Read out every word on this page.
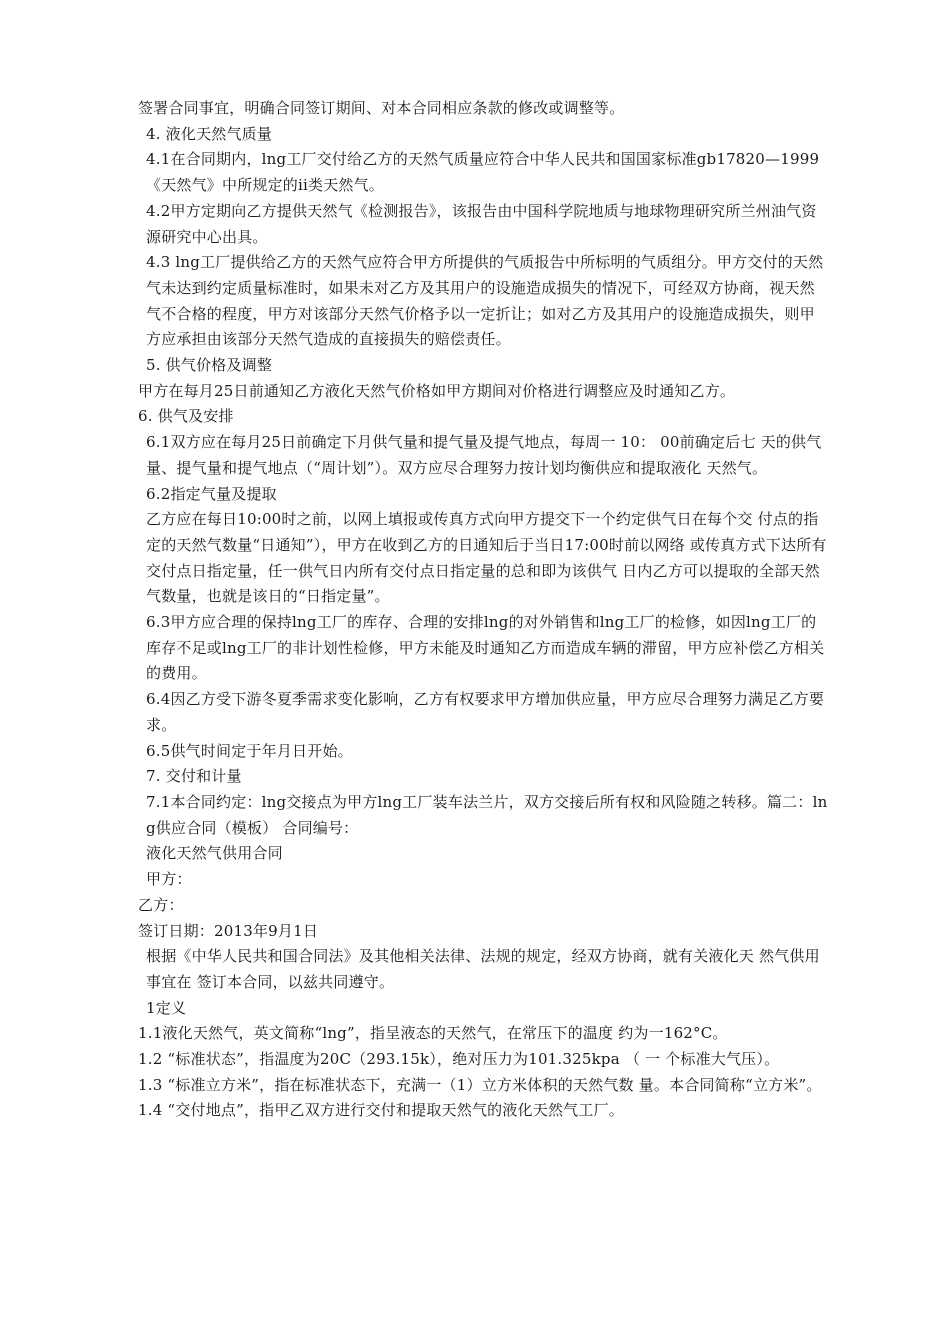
签署合同事宜，明确合同签订期间、对本合同相应条款的修改或调整等。

4. 液化天然气质量

4.1在合同期内，lng工厂交付给乙方的天然气质量应符合中华人民共和国国家标准gb17820—1999《天然气》中所规定的ii类天然气。

4.2甲方定期向乙方提供天然气《检测报告》，该报告由中国科学院地质与地球物理研究所兰州油气资源研究中心出具。

4.3 lng工厂提供给乙方的天然气应符合甲方所提供的气质报告中所标明的气质组分。甲方交付的天然气未达到约定质量标准时，如果未对乙方及其用户的设施造成损失的情况下，可经双方协商，视天然气不合格的程度，甲方对该部分天然气价格予以一定折让；如对乙方及其用户的设施造成损失，则甲方应承担由该部分天然气造成的直接损失的赔偿责任。

5. 供气价格及调整

甲方在每月25日前通知乙方液化天然气价格如甲方期间对价格进行调整应及时通知乙方。

6. 供气及安排

6.1双方应在每月25日前确定下月供气量和提气量及提气地点，每周一 10： 00前确定后七 天的供气量、提气量和提气地点（“周计划”）。双方应尽合理努力按计划均衡供应和提取液化 天然气。

6.2指定气量及提取

乙方应在每日10:00时之前，以网上填报或传真方式向甲方提交下一个约定供气日在每个交 付点的指定的天然气数量“日通知”），甲方在收到乙方的日通知后于当日17:00时前以网络 或传真方式下达所有交付点日指定量，任一供气日内所有交付点日指定量的总和即为该供气 日内乙方可以提取的全部天然气数量，也就是该日的“日指定量”。

6.3甲方应合理的保持lng工厂的库存、合理的安排lng的对外销售和lng工厂的检修，如因lng工厂的库存不足或lng工厂的非计划性检修，甲方未能及时通知乙方而造成车辆的滞留，甲方应补偿乙方相关的费用。

6.4因乙方受下游冬夏季需求变化影响，乙方有权要求甲方增加供应量，甲方应尽合理努力满足乙方要求。

6.5供气时间定于年月日开始。

7. 交付和计量

7.1本合同约定：lng交接点为甲方lng工厂装车法兰片，双方交接后所有权和风险随之转移。篇二：lng供应合同（模板） 合同编号：

液化天然气供用合同

甲方：

乙方：

签订日期：2013年9月1日

根据《中华人民共和国合同法》及其他相关法律、法规的规定，经双方协商，就有关液化天 然气供用事宜在 签订本合同，以兹共同遵守。

1定义

1.1液化天然气，英文简称“lng”，指呈液态的天然气，在常压下的温度 约为一162°C。

1.2 “标准状态”，指温度为20C（293.15k），绝对压力为101.325kpa （ 一 个标准大气压）。

1.3 “标准立方米”，指在标准状态下，充满一（1）立方米体积的天然气数 量。本合同简称“立方米”。

1.4 “交付地点”，指甲乙双方进行交付和提取天然气的液化天然气工厂。
